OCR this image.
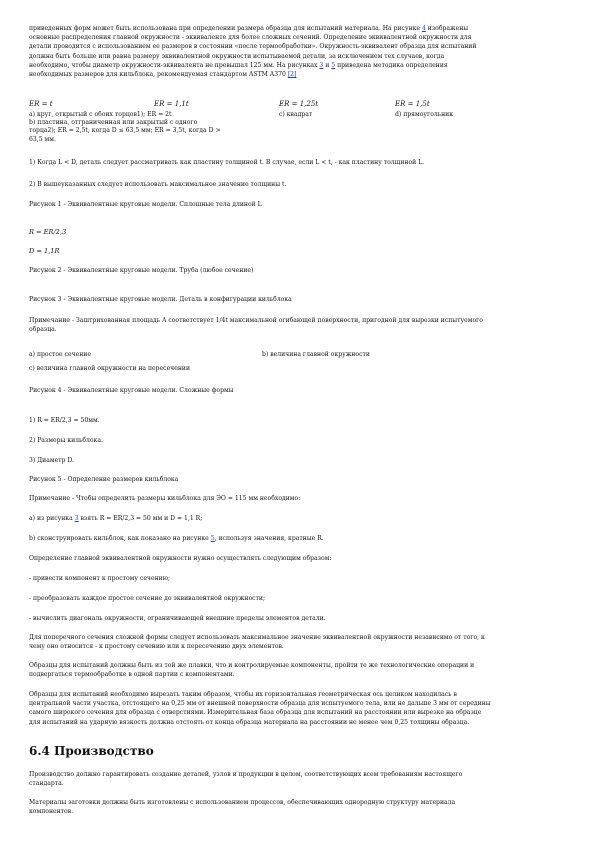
приведенных форм может быть использована при определении размера образца для испытаний материала. На рисунке 4 изображены
основные распределения главной окружности - эквиваленте для более сложных сечений. Определение эквивалентной окружности для
детали проводится с использованием ее размеров в состоянии «после термообработки». Окружность-эквивалент образца для испытаний
должна быть больше или равна размеру эквивалентной окружности испытываемой детали, за исключением тех случаев, когда
необходимо, чтобы диаметр окружности-эквивалента не превышал 125 мм. На рисунках 3 и 5 приведена методика определения
необходимых размеров для кильблока, рекомендуемая стандартом ASTM A370 [2]

ER = t	ER = 1,1t	ER = 1,25t	ER = 1,5t
а) круг, открытый с обоих торцов1); ER = 2t	с) квадрат	d) прямоугольник

b) пластина, отграниченная или закрытый с одного
торца2); ER = 2,5t, когда D ≤ 63,5 мм; ER = 3,5t, когда D >
63,5 мм.

1) Когда L < D, деталь следует рассматривать как пластину толщиной t. В случае, если L < t, - как пластину толщиной L.

2) В вышеуказанных следует использовать максимальное значение толщины t.

Рисунок 1 - Эквивалентные круговые модели. Сплошные тела длиной L

R = ER/2,3

D = 1,1R

Рисунок 2 - Эквивалентные круговые модели. Труба (любое сечение)

Рисунок 3 - Эквивалентные круговые модели. Деталь в конфигурации кильблока

Примечание - Заштрихованная площадь A соответствует 1/4t максимальной огибающей поверхности, пригодной для вырезки испытуемого
образца.

а) простое сечение	b) величина главной окружности

с) величина главной окружности на пересечении

Рисунок 4 - Эквивалентные круговые модели. Сложные формы

1) R = ER/2,3 = 50мм.

2) Размеры кильблока.

3) Диаметр D.

Рисунок 5 - Определение размеров кильблока

Примечание - Чтобы определить размеры кильблока для ЭО = 115 мм необходимо:

а) из рисунка 3 взять R = ER/2,3 = 50 мм и D = 1,1 R;

b) сконструировать кильблок, как показано на рисунке 5, используя значения, кратные R.

Определение главной эквивалентной окружности нужно осуществлять следующим образом:

- привести компонент к простому сечению;

- преобразовать каждое простое сечение до эквивалентной окружности;

- вычислить диагональ окружности, ограничивающей внешние пределы элементов детали.

Для поперечного сечения сложной формы следует использовать максимальное значение эквивалентной окружности независимо от того, к
чему оно относится - к простому сечению или к пересечению двух элементов.

Образцы для испытаний должны быть из той же плавки, что и контролируемые компоненты, пройти те же технологические операции и
подвергаться термообработке в одной партии с компонентами.

Образцы для испытаний необходимо вырезать таким образом, чтобы их горизонтальная геометрическая ось целиком находилась в
центральной части участка, отстоящего на 0,25 мм от внешней поверхности образца для испытуемого тела, или не дальше 3 мм от середины
самого широкого сечения для образца с отверстиями. Измерительная база образца для испытаний на расстоянии или вырезке на образце
для испытаний на ударную вязкость должна отстоять от конца образца материала на расстоянии не менее чем 0,25 толщины образца.

6.4 Производство

Производство должно гарантировать создание деталей, узлов и продукции в целом, соответствующих всем требованиям настоящего
стандарта.

Материалы заготовки должны быть изготовлены с использованием процессов, обеспечивающих однородную структуру материала
компонентов.
